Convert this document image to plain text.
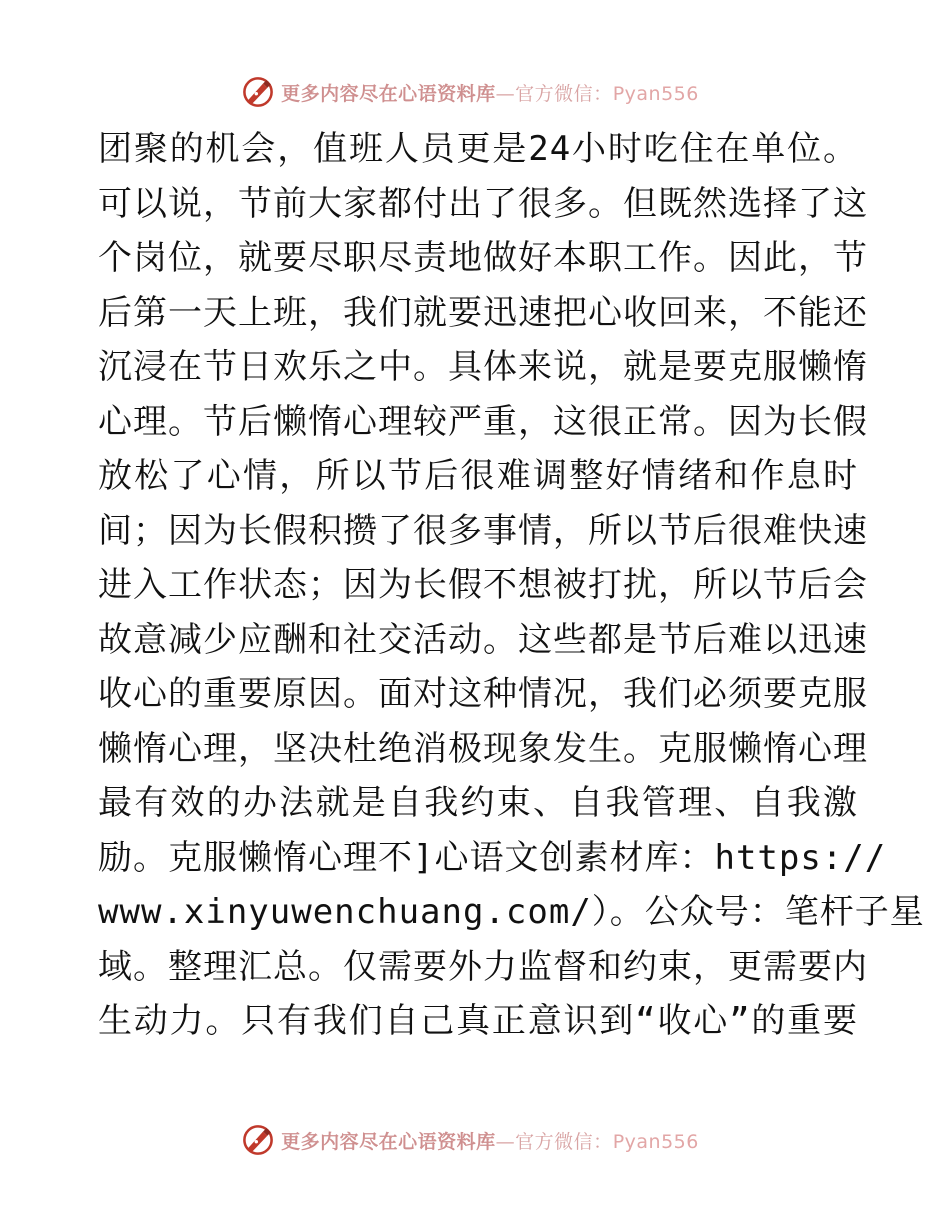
更多内容尽在心语资料库—官方微信：Pyan556
团聚的机会，值班人员更是24小时吃住在单位。
可以说，节前大家都付出了很多。但既然选择了这
个岗位，就要尽职尽责地做好本职工作。因此，节
后第一天上班，我们就要迅速把心收回来，不能还
沉浸在节日欢乐之中。具体来说，就是要克服懒惰
心理。节后懒惰心理较严重，这很正常。因为长假
放松了心情，所以节后很难调整好情绪和作息时
间；因为长假积攒了很多事情，所以节后很难快速
进入工作状态；因为长假不想被打扰，所以节后会
故意减少应酬和社交活动。这些都是节后难以迅速
收心的重要原因。面对这种情况，我们必须要克服
懒惰心理，坚决杜绝消极现象发生。克服懒惰心理
最有效的办法就是自我约束、自我管理、自我激
励。克服懒惰心理不]心语文创素材库：https://
www.xinyuwenchuang.com/）。公众号：笔杆子星
域。整理汇总。仅需要外力监督和约束，更需要内
生动力。只有我们自己真正意识到“收心”的重要
更多内容尽在心语资料库—官方微信：Pyan556
